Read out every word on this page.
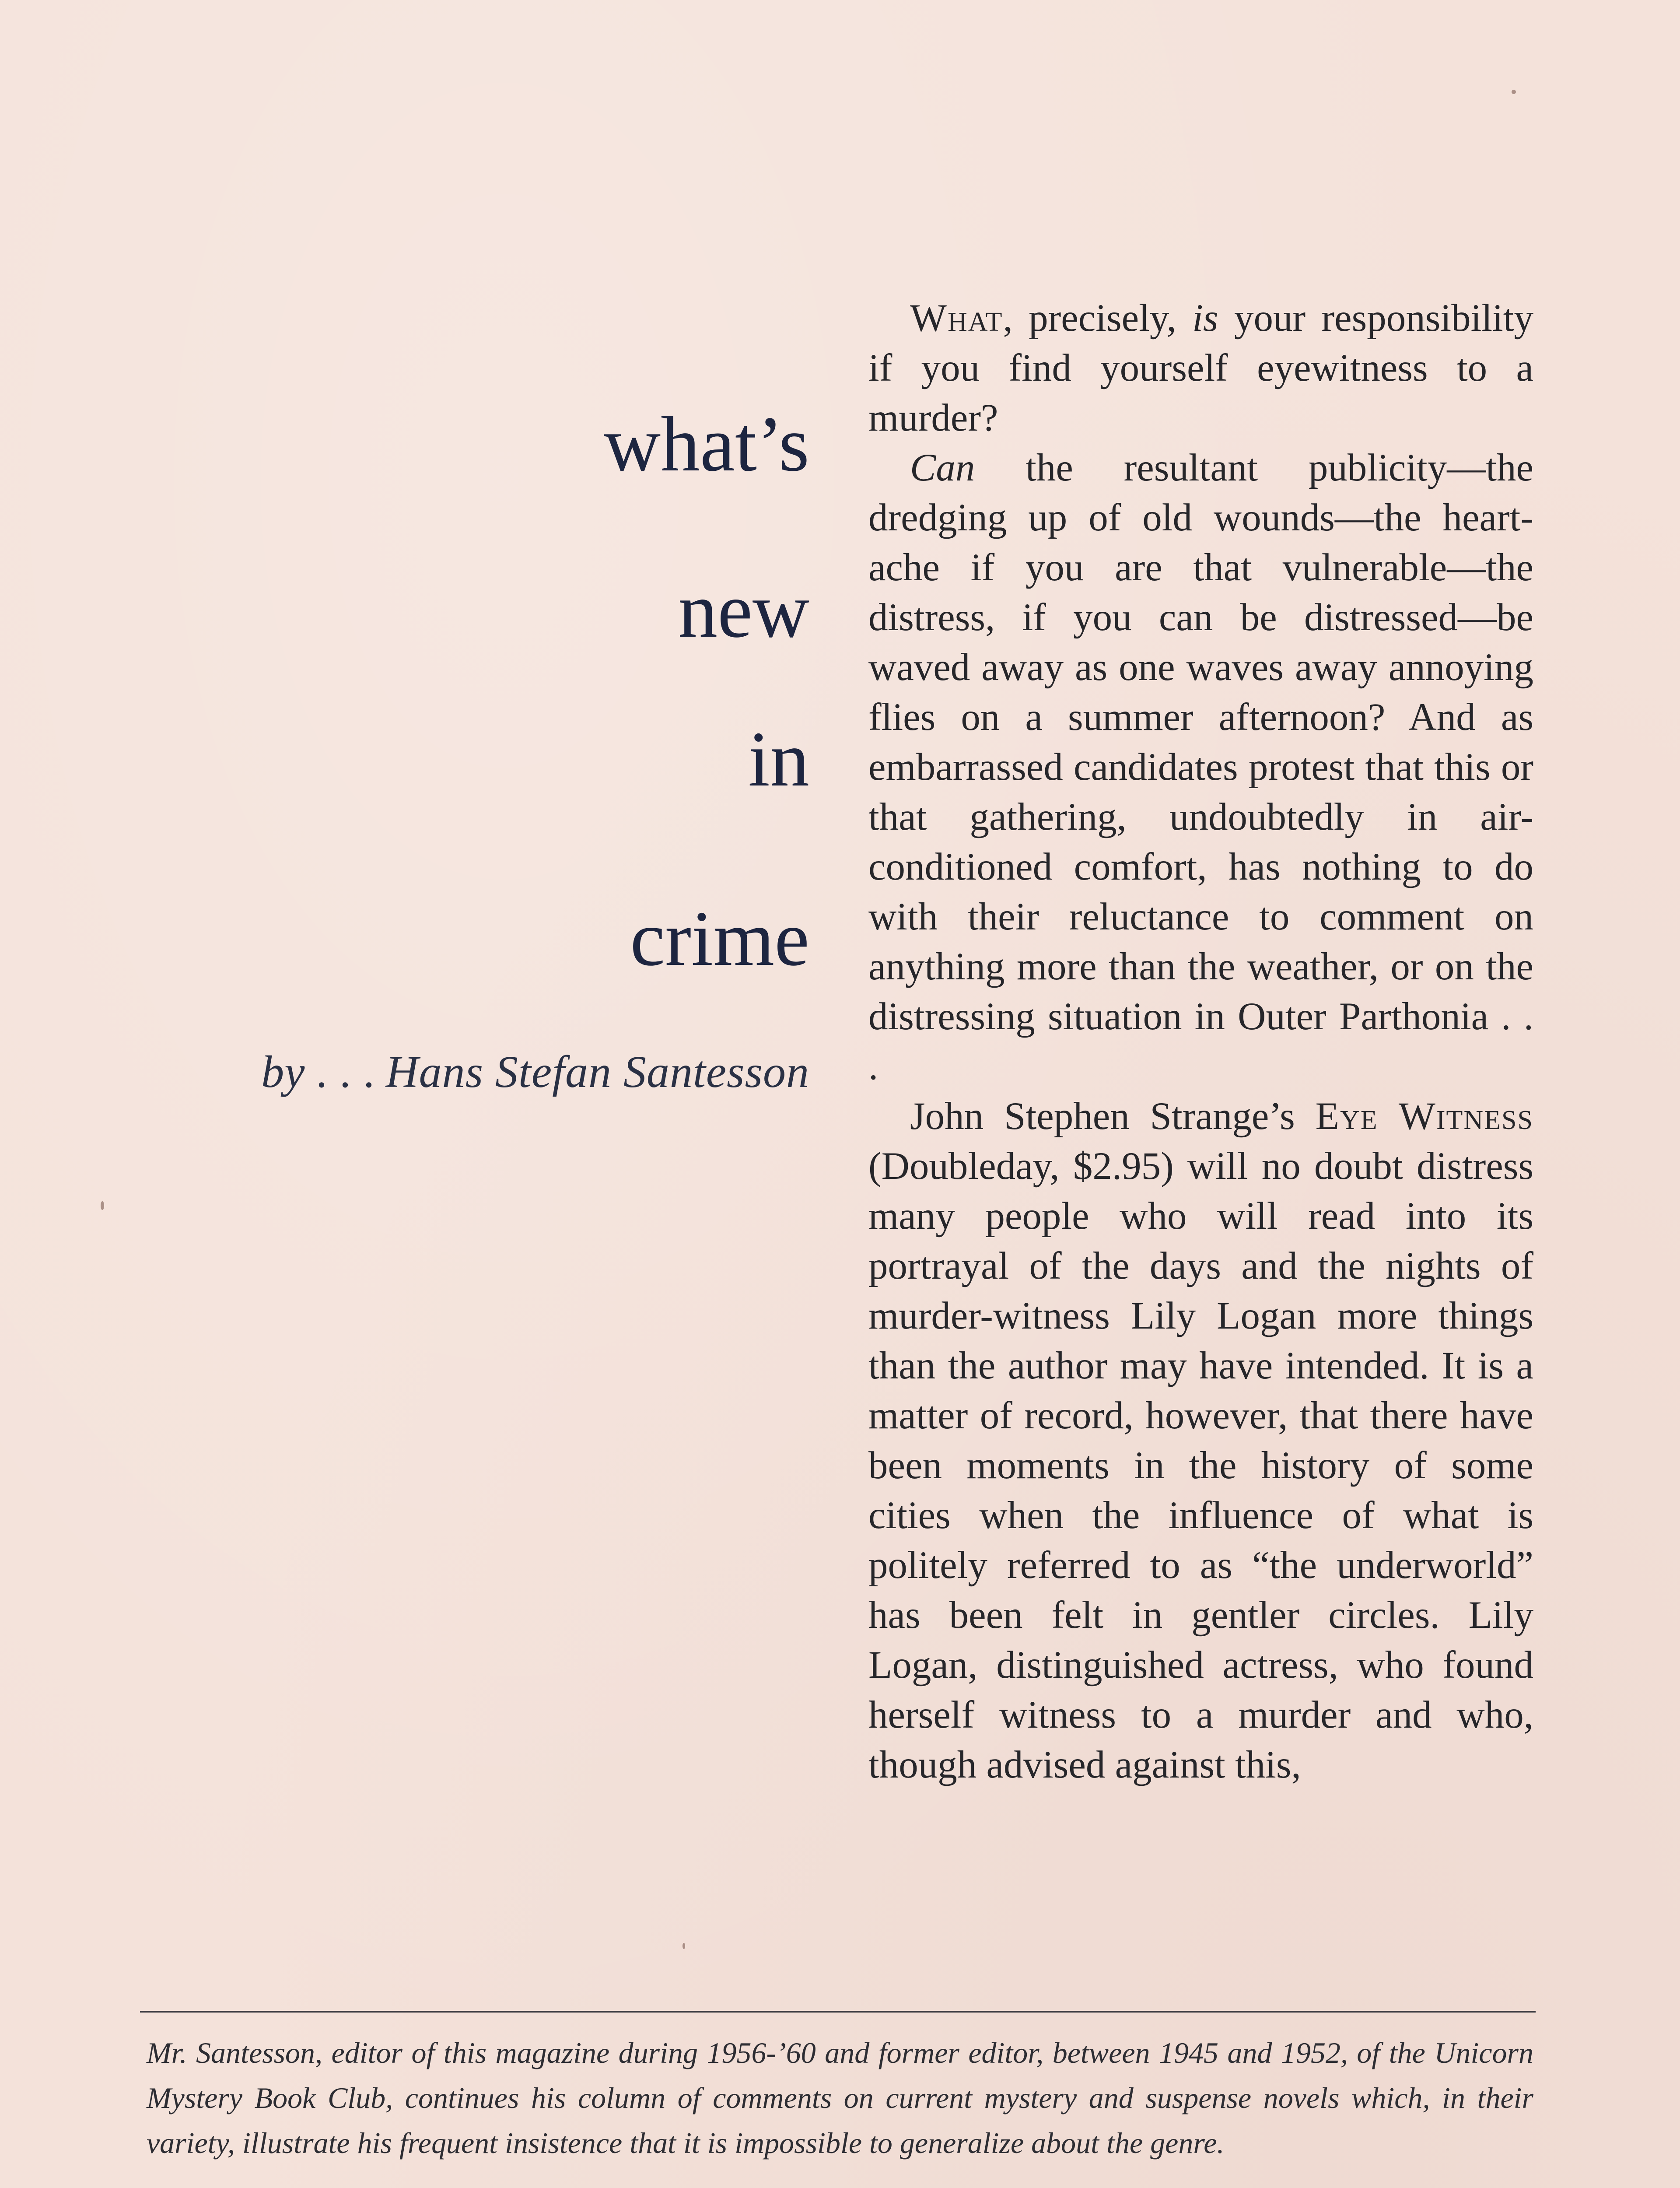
what’s
new
in
crime
by . . . Hans Stefan Santesson

What, precisely, is your responsibility if you find yourself eyewitness to a murder?

Can the resultant publicity—the dredging up of old wounds—the heart-ache if you are that vulnerable—the distress, if you can be distressed—be waved away as one waves away annoying flies on a summer afternoon? And as embarrassed candidates protest that this or that gathering, undoubtedly in air-conditioned comfort, has nothing to do with their reluctance to comment on anything more than the weather, or on the distressing situation in Outer Parthonia . . .

John Stephen Strange’s Eye Witness (Doubleday, $2.95) will no doubt distress many people who will read into its portrayal of the days and the nights of murder-witness Lily Logan more things than the author may have intended. It is a matter of record, however, that there have been moments in the history of some cities when the influence of what is politely referred to as “the underworld” has been felt in gentler circles. Lily Logan, distinguished actress, who found herself witness to a murder and who, though advised against this,

Mr. Santesson, editor of this magazine during 1956-’60 and former editor, between 1945 and 1952, of the Unicorn Mystery Book Club, continues his column of comments on current mystery and suspense novels which, in their variety, illustrate his frequent insistence that it is impossible to generalize about the genre.
